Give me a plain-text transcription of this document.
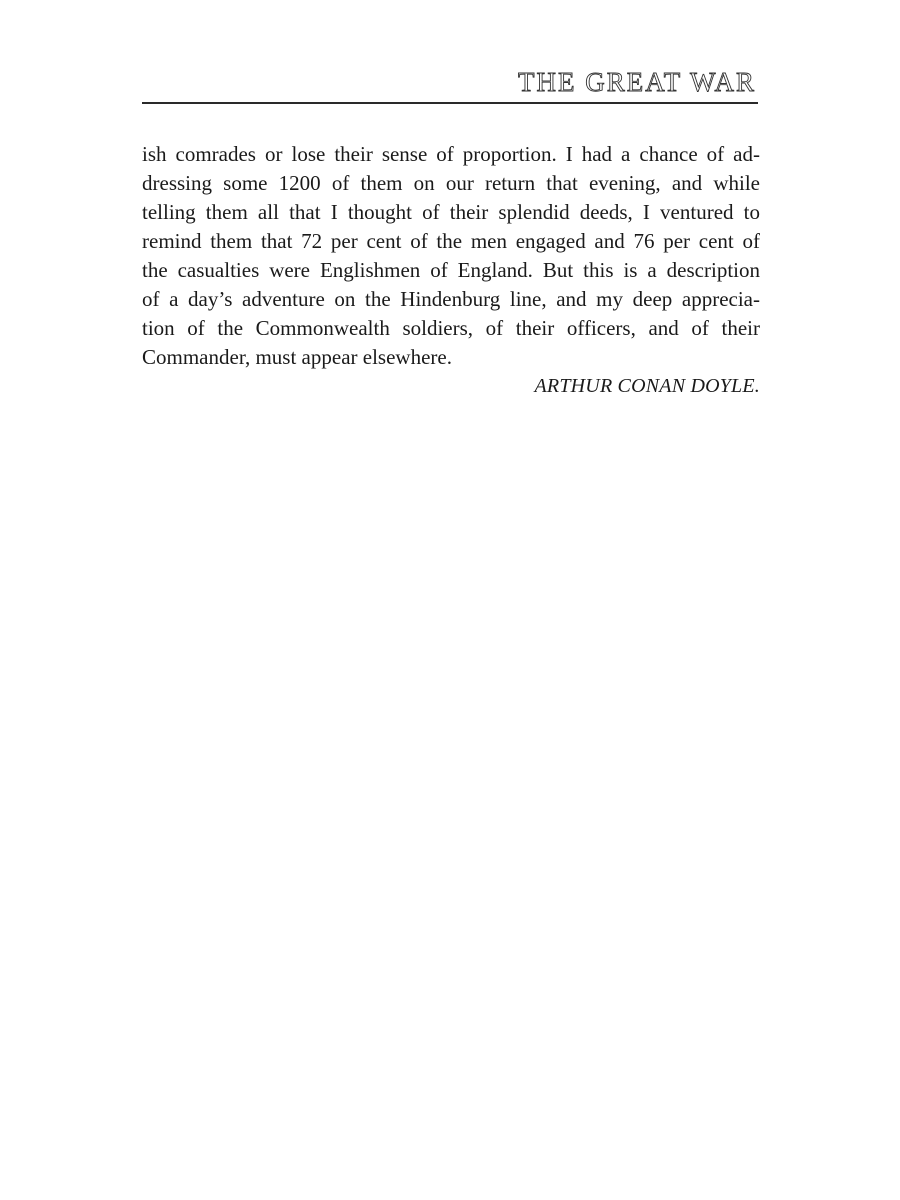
THE GREAT WAR
ish comrades or lose their sense of proportion. I had a chance of ad-
dressing some 1200 of them on our return that evening, and while
telling them all that I thought of their splendid deeds, I ventured to
remind them that 72 per cent of the men engaged and 76 per cent of
the casualties were Englishmen of England. But this is a description
of a day’s adventure on the Hindenburg line, and my deep apprecia-
tion of the Commonwealth soldiers, of their officers, and of their
Commander, must appear elsewhere.
ARTHUR CONAN DOYLE.
